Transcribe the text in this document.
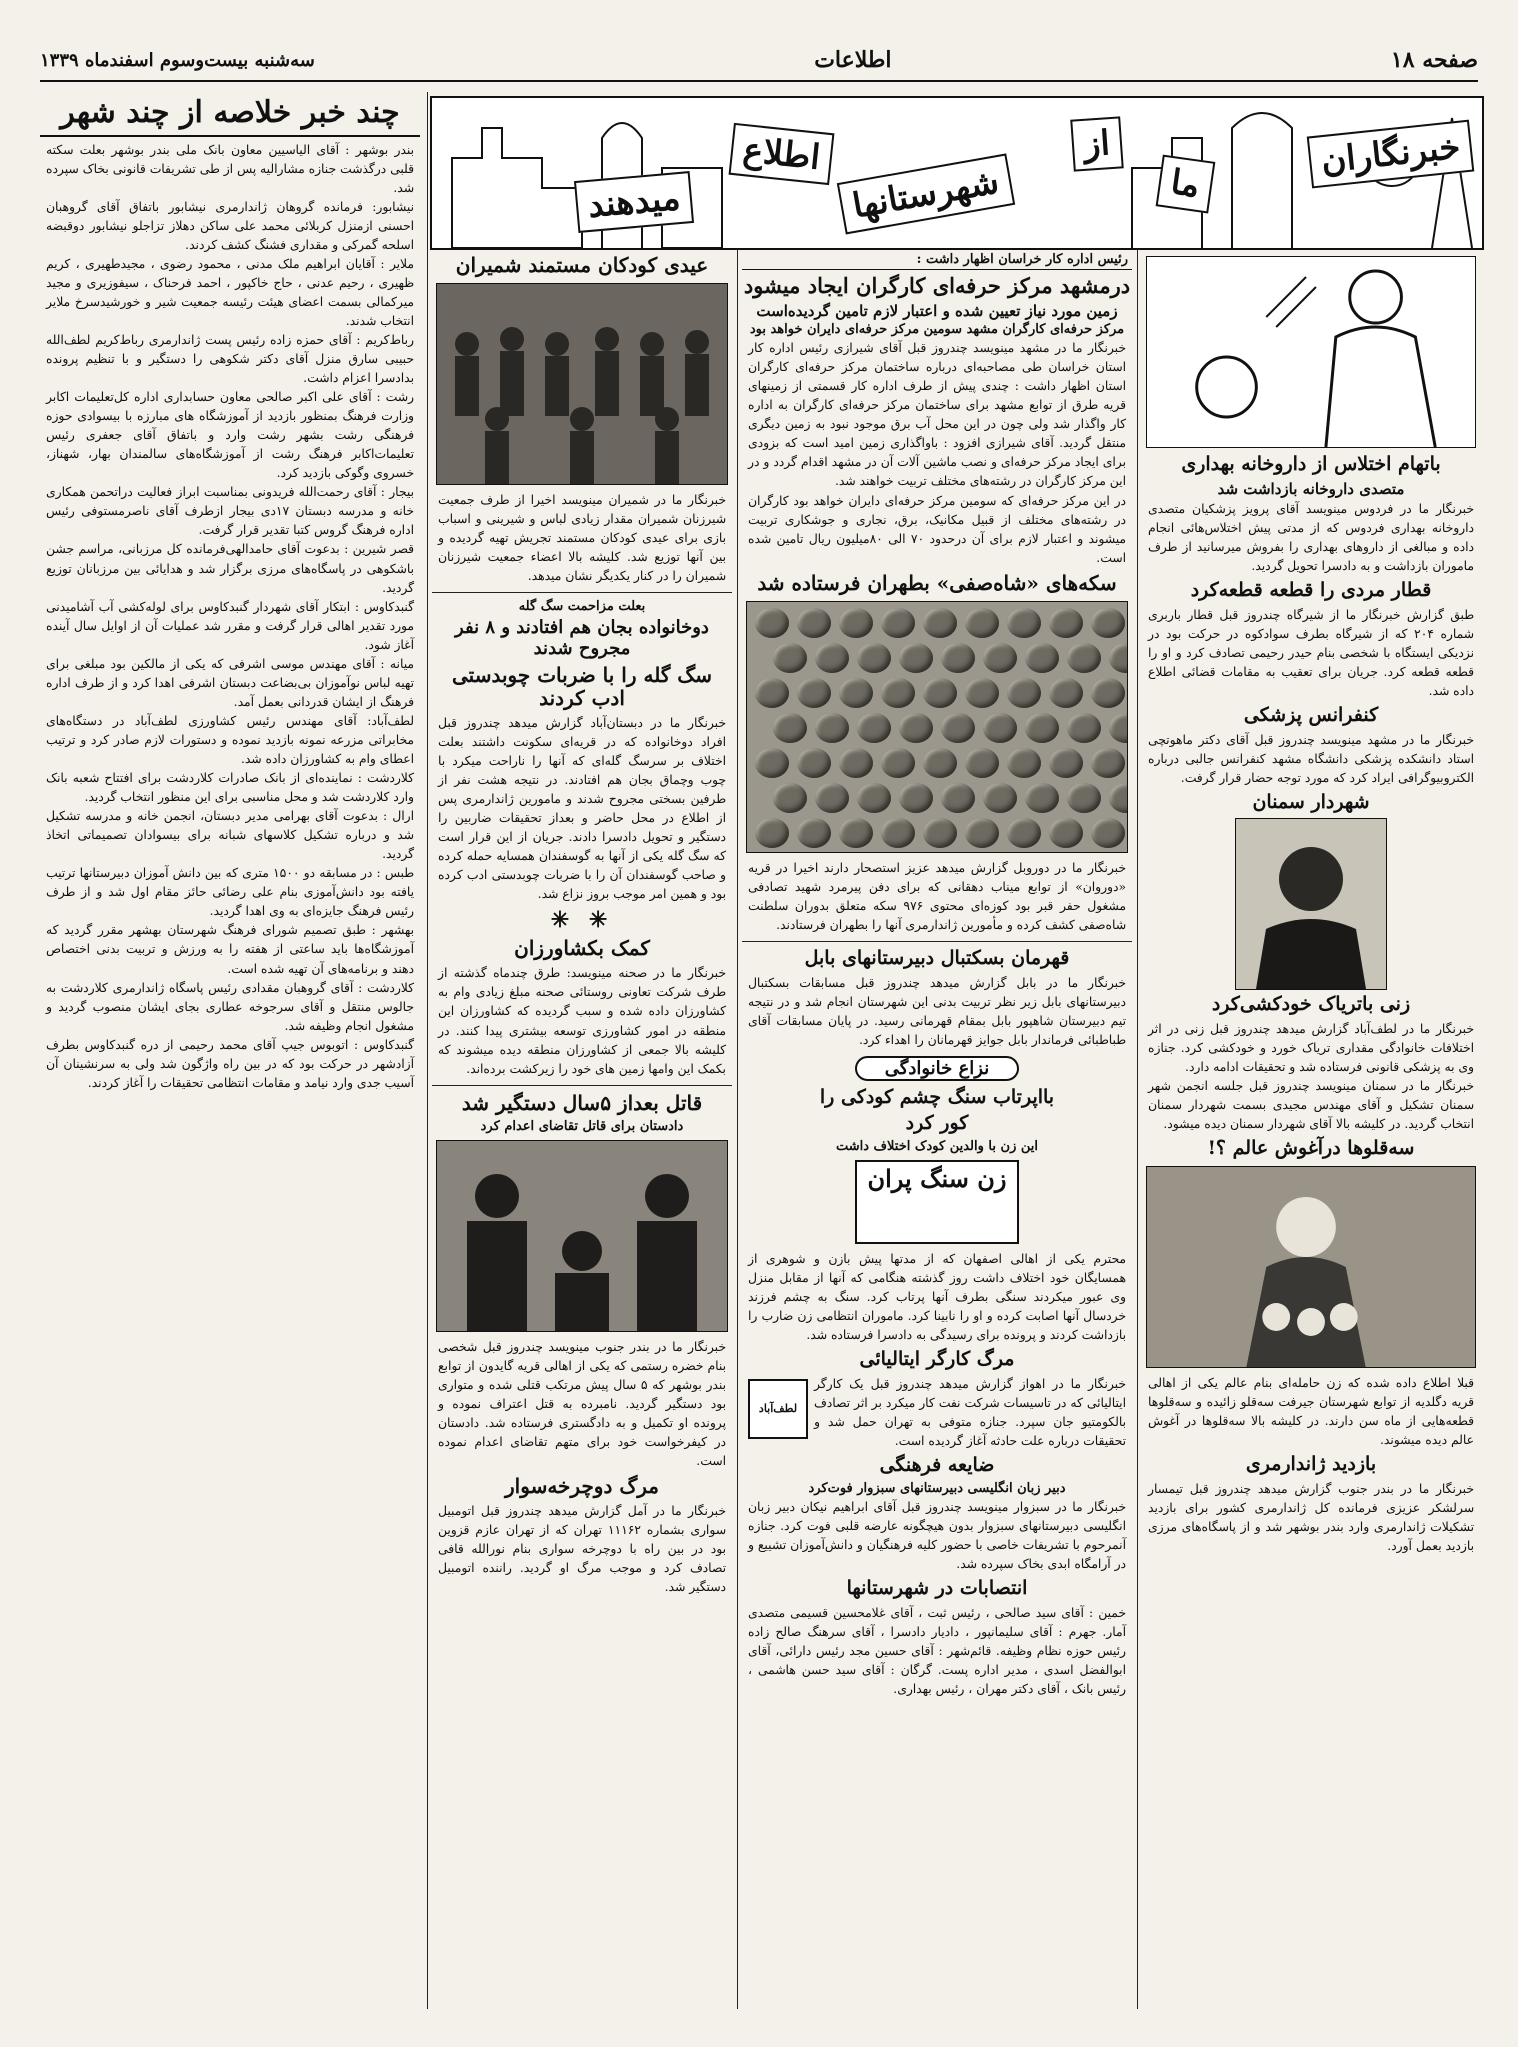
صفحه ۱۸
اطلاعات
سه‌شنبه بیست‌وسوم اسفندماه ۱۳۳۹
خبرنگاران
ما
از
شهرستانها
اطلاع
میدهند
چند خبر خلاصه از چند شهر

بندر بوشهر : آقای الیاسیین معاون بانک ملی بندر بوشهر بعلت سکته قلبی درگذشت جنازه مشارالیه پس از طی تشریفات قانونی بخاک سپرده شد.

نیشابور: فرمانده گروهان ژاندارمری نیشابور باتفاق آقای گروهبان احسنی ازمنزل کربلائی محمد علی ساکن دهلاز تزاجلو نیشابور دوقبضه اسلحه گمرکی و مقداری فشنگ کشف کردند.

ملایر : آقایان ابراهیم ملک مدنی ، محمود رضوی ، مجیدطهیری ، کریم ظهیری ، رحیم عدنی ، حاج خاکپور ، احمد فرحناک ، سیفوزیری و مجید میرکمالی بسمت اعضای هیئت رئیسه جمعیت شیر و خورشیدسرخ ملایر انتخاب شدند.

رباط‌کریم : آقای حمزه زاده رئیس پست ژاندارمری رباط‌کریم لطف‌الله حبیبی سارق منزل آقای دکتر شکوهی را دستگیر و با تنظیم پرونده بدادسرا اعزام داشت.

رشت : آقای علی اکبر صالحی معاون حسابداری اداره کل‌تعلیمات اکابر وزارت فرهنگ بمنظور بازدید از آموزشگاه های مبارزه با بیسوادی حوزه فرهنگی رشت بشهر رشت وارد و باتفاق آقای جعفری رئیس تعلیمات‌اکابر فرهنگ رشت از آموزشگاه‌های سالمندان بهار، شهناز، خسروی وگوکی بازدید کرد.

بیجار : آقای رحمت‌الله فریدونی بمناسبت ابراز فعالیت دراتحمن همکاری خانه و مدرسه دبستان ۱۷دی بیجار ازطرف آقای ناصرمستوفی رئیس اداره فرهنگ گروس کتبا تقدیر قرار گرفت.

قصر شیرین : بدعوت آقای حامدالهی‌فرمانده کل مرزبانی، مراسم جشن باشکوهی در پاسگاه‌های مرزی برگزار شد و هدایائی بین مرزبانان توزیع گردید.

گنبدکاوس : ابتکار آقای شهردار گنبدکاوس برای لوله‌کشی آب آشامیدنی مورد تقدیر اهالی قرار گرفت و مقرر شد عملیات آن از اوایل سال آینده آغاز شود.

میانه : آقای مهندس موسی اشرفی که یکی از مالکین بود مبلغی برای تهیه لباس نوآموزان بی‌بضاعت دبستان اشرفی اهدا کرد و از طرف اداره فرهنگ از ایشان قدردانی بعمل آمد.

لطف‌آباد: آقای مهندس رئیس کشاورزی لطف‌آباد در دستگاه‌های مخابراتی مزرعه نمونه بازدید نموده و دستورات لازم صادر کرد و ترتیب اعطای وام به کشاورزان داده شد.

کلاردشت : نماینده‌ای از بانک صادرات کلاردشت برای افتتاح شعبه بانک وارد کلاردشت شد و محل مناسبی برای این منظور انتخاب گردید.

ارال : بدعوت آقای بهرامی مدیر دبستان، انجمن خانه و مدرسه تشکیل شد و درباره تشکیل کلاسهای شبانه برای بیسوادان تصمیماتی اتخاذ گردید.

طبس : در مسابقه دو ۱۵۰۰ متری که بین دانش آموزان دبیرستانها ترتیب یافته بود دانش‌آموزی بنام علی رضائی حائز مقام اول شد و از طرف رئیس فرهنگ جایزه‌ای به وی اهدا گردید.

بهشهر : طبق تصمیم شورای فرهنگ شهرستان بهشهر مقرر گردید که آموزشگاه‌ها باید ساعتی از هفته را به ورزش و تربیت بدنی اختصاص دهند و برنامه‌های آن تهیه شده است.

کلاردشت : آقای گروهبان مقدادی رئیس پاسگاه ژاندارمری کلاردشت به جالوس منتقل و آقای سرجوخه عطاری بجای ایشان منصوب گردید و مشغول انجام وظیفه شد.

گنبدکاوس : اتوبوس جیپ آقای محمد رحیمی از دره گنبدکاوس بطرف آزادشهر در حرکت بود که در بین راه واژگون شد ولی به سرنشینان آن آسیب جدی وارد نیامد و مقامات انتظامی تحقیقات را آغاز کردند.

عیدی کودکان مستمند شمیران

خبرنگار ما در شمیران مینویسد اخیرا از طرف جمعیت شیرزنان شمیران مقدار زیادی لباس و شیرینی و اسباب بازی برای عیدی کودکان مستمند تجریش تهیه گردیده و بین آنها توزیع شد. کلیشه بالا اعضاء جمعیت شیرزنان شمیران را در کنار یکدیگر نشان میدهد.

بعلت مزاحمت سگ گله
دوخانواده بجان هم افتادند و ۸ نفر مجروح شدند
سگ گله را با ضربات چوبدستی ادب کردند

خبرنگار ما در دبستان‌آباد گزارش میدهد چندروز قبل افراد دوخانواده که در قریه‌ای سکونت داشتند بعلت اختلاف بر سرسگ گله‌ای که آنها را ناراحت میکرد با چوب وچماق بجان هم افتادند. در نتیجه هشت نفر از طرفین بسختی مجروح شدند و مامورین ژاندارمری پس از اطلاع در محل حاضر و بعداز تحقیقات ضاربین را دستگیر و تحویل دادسرا دادند. جریان از این قرار است که سگ گله یکی از آنها به گوسفندان همسایه حمله کرده و صاحب گوسفندان آن را با ضربات چوبدستی ادب کرده بود و همین امر موجب بروز نزاع شد.

✳ ✳
کمک بکشاورزان

خبرنگار ما در صحنه مینویسد: طرق چندماه گذشته از طرف شرکت تعاونی روستائی صحنه مبلغ زیادی وام به کشاورزان داده شده و سبب گردیده که کشاورزان این منطقه در امور کشاورزی توسعه بیشتری پیدا کنند. در کلیشه بالا جمعی از کشاورزان منطقه دیده میشوند که بکمک این وامها زمین های خود را زیرکشت برده‌اند.

قاتل بعداز ۵سال دستگیر شد
دادستان برای قاتل تقاضای اعدام کرد

خبرنگار ما در بندر جنوب مینویسد چندروز قبل شخصی بنام خضره رستمی که یکی از اهالی قریه گایدون از توابع بندر بوشهر که ۵ سال پیش مرتکب قتلی شده و متواری بود دستگیر گردید. نامبرده به قتل اعتراف نموده و پرونده او تکمیل و به دادگستری فرستاده شد. دادستان در کیفرخواست خود برای متهم تقاضای اعدام نموده است.

مرگ دوچرخه‌سوار

خبرنگار ما در آمل گزارش میدهد چندروز قبل اتومبیل سواری بشماره ۱۱۱۶۲ تهران که از تهران عازم قزوین بود در بین راه با دوچرخه سواری بنام نورالله قافی تصادف کرد و موجب مرگ او گردید. راننده اتومبیل دستگیر شد.

رئیس اداره کار خراسان اظهار داشت :
درمشهد مرکز حرفه‌ای کارگران ایجاد میشود
زمین مورد نیاز تعیین شده و اعتبار لازم تامین گردیده‌است
مرکز حرفه‌ای کارگران مشهد سومین مرکز حرفه‌ای دایران خواهد بود

خبرنگار ما در مشهد مینویسد چندروز قبل آقای شیرازی رئیس اداره کار استان خراسان طی مصاحبه‌ای درباره ساختمان مرکز حرفه‌ای کارگران استان اظهار داشت : چندی پیش از طرف اداره کار قسمتی از زمینهای قریه طرق از توابع مشهد برای ساختمان مرکز حرفه‌ای کارگران به اداره کار واگذار شد ولی چون در این محل آب برق موجود نبود به زمین دیگری منتقل گردید. آقای شیرازی افزود : باواگذاری زمین امید است که بزودی برای ایجاد مرکز حرفه‌ای و نصب ماشین آلات آن در مشهد اقدام گردد و در این مرکز کارگران در رشته‌های مختلف تربیت خواهند شد.

در این مرکز حرفه‌ای که سومین مرکز حرفه‌ای دایران خواهد بود کارگران در رشته‌های مختلف از قبیل مکانیک، برق، نجاری و جوشکاری تربیت میشوند و اعتبار لازم برای آن درحدود ۷۰ الی ۸۰میلیون ریال تامین شده است.

سکه‌های «شاه‌صفی» بطهران فرستاده شد

خبرنگار ما در دوروبل گزارش میدهد عزیز استصحار دارند اخیرا در قریه «دوروان» از توابع میناب دهقانی که برای دفن پیرمرد شهید تصادفی مشغول حفر قبر بود کوزه‌ای محتوی ۹۷۶ سکه متعلق بدوران سلطنت شاه‌صفی کشف کرده و مأمورین ژاندارمری آنها را بطهران فرستادند.

قهرمان بسکتبال دبیرستانهای بابل

خبرنگار ما در بابل گزارش میدهد چندروز قبل مسابقات بسکتبال دبیرستانهای بابل زیر نظر تربیت بدنی این شهرستان انجام شد و در نتیجه تیم دبیرستان شاهپور بابل بمقام قهرمانی رسید. در پایان مسابقات آقای طباطبائی فرماندار بابل جوایز قهرمانان را اهداء کرد.

نزاع خانوادگی
بااپرتاب سنگ چشم کودکی را
کور کرد
این زن با والدین کودک اختلاف داشت
زن سنگ پران

محترم یکی از اهالی اصفهان که از مدتها پیش بازن و شوهری از همسایگان خود اختلاف داشت روز گذشته هنگامی که آنها از مقابل منزل وی عبور میکردند سنگی بطرف آنها پرتاب کرد. سنگ به چشم فرزند خردسال آنها اصابت کرده و او را نابینا کرد. ماموران انتظامی زن ضارب را بازداشت کردند و پرونده برای رسیدگی به دادسرا فرستاده شد.

مرگ کارگر ایتالیائی
لطف‌آباد

خبرنگار ما در اهواز گزارش میدهد چندروز قبل یک کارگر ایتالیائی که در تاسیسات شرکت نفت کار میکرد بر اثر تصادف بالکومتیو جان سپرد. جنازه متوفی به تهران حمل شد و تحقیقات درباره علت حادثه آغاز گردیده است.

ضایعه فرهنگی
دبیر زبان انگلیسی دبیرستانهای سبزوار فوت‌کرد

خبرنگار ما در سبزوار مینویسد چندروز قبل آقای ابراهیم نیکان دبیر زبان انگلیسی دبیرستانهای سبزوار بدون هیچگونه عارضه قلبی فوت کرد. جنازه آنمرحوم با تشریفات خاصی با حضور کلیه فرهنگیان و دانش‌آموزان تشییع و در آرامگاه ابدی بخاک سپرده شد.

انتصابات در شهرستانها

خمین : آقای سید صالحی ، رئیس ثبت ، آقای غلامحسین قسیمی متصدی آمار. جهرم : آقای سلیمانپور ، دادیار دادسرا ، آقای سرهنگ صالح زاده رئیس حوزه نظام وظیفه. قائم‌شهر : آقای حسین مجد رئیس دارائی، آقای ابوالفضل اسدی ، مدیر اداره پست. گرگان : آقای سید حسن هاشمی ، رئیس بانک ، آقای دکتر مهران ، رئیس بهداری.

باتهام اختلاس از داروخانه بهداری
متصدی داروخانه بازداشت شد

خبرنگار ما در فردوس مینویسد آقای پرویز پزشکیان متصدی داروخانه بهداری فردوس که از مدتی پیش اختلاس‌هائی انجام داده و مبالغی از داروهای بهداری را بفروش میرسانید از طرف ماموران بازداشت و به دادسرا تحویل گردید.

قطار مردی را قطعه قطعه‌کرد

طبق گزارش خبرنگار ما از شیرگاه چندروز قبل قطار باربری شماره ۲۰۴ که از شیرگاه بطرف سوادکوه در حرکت بود در نزدیکی ایستگاه با شخصی بنام حیدر رحیمی تصادف کرد و او را قطعه قطعه کرد. جریان برای تعقیب به مقامات قضائی اطلاع داده شد.

کنفرانس پزشکی

خبرنگار ما در مشهد مینویسد چندروز قبل آقای دکتر ماهوتچی استاد دانشکده پزشکی دانشگاه مشهد کنفرانس جالبی درباره الکتروبیوگرافی ایراد کرد که مورد توجه حضار قرار گرفت.

شهردار سمنان
زنی باتریاک خودکشی‌کرد

خبرنگار ما در لطف‌آباد گزارش میدهد چندروز قبل زنی در اثر اختلافات خانوادگی مقداری تریاک خورد و خودکشی کرد. جنازه وی به پزشکی قانونی فرستاده شد و تحقیقات ادامه دارد.

خبرنگار ما در سمنان مینویسد چندروز قبل جلسه انجمن شهر سمنان تشکیل و آقای مهندس مجیدی بسمت شهردار سمنان انتخاب گردید. در کلیشه بالا آقای شهردار سمنان دیده میشود.

سه‌قلوها درآغوش عالم ؟!

قبلا اطلاع داده شده که زن حامله‌ای بنام عالم یکی از اهالی قریه دگلدیه از توابع شهرستان جیرفت سه‌قلو زائیده و سه‌قلوها قطعه‌هایی از ماه سن دارند. در کلیشه بالا سه‌قلوها در آغوش عالم دیده میشوند.

بازدید ژاندارمری

خبرنگار ما در بندر جنوب گزارش میدهد چندروز قبل تیمسار سرلشکر عزیزی فرمانده کل ژاندارمری کشور برای بازدید تشکیلات ژاندارمری وارد بندر بوشهر شد و از پاسگاه‌های مرزی بازدید بعمل آورد.
